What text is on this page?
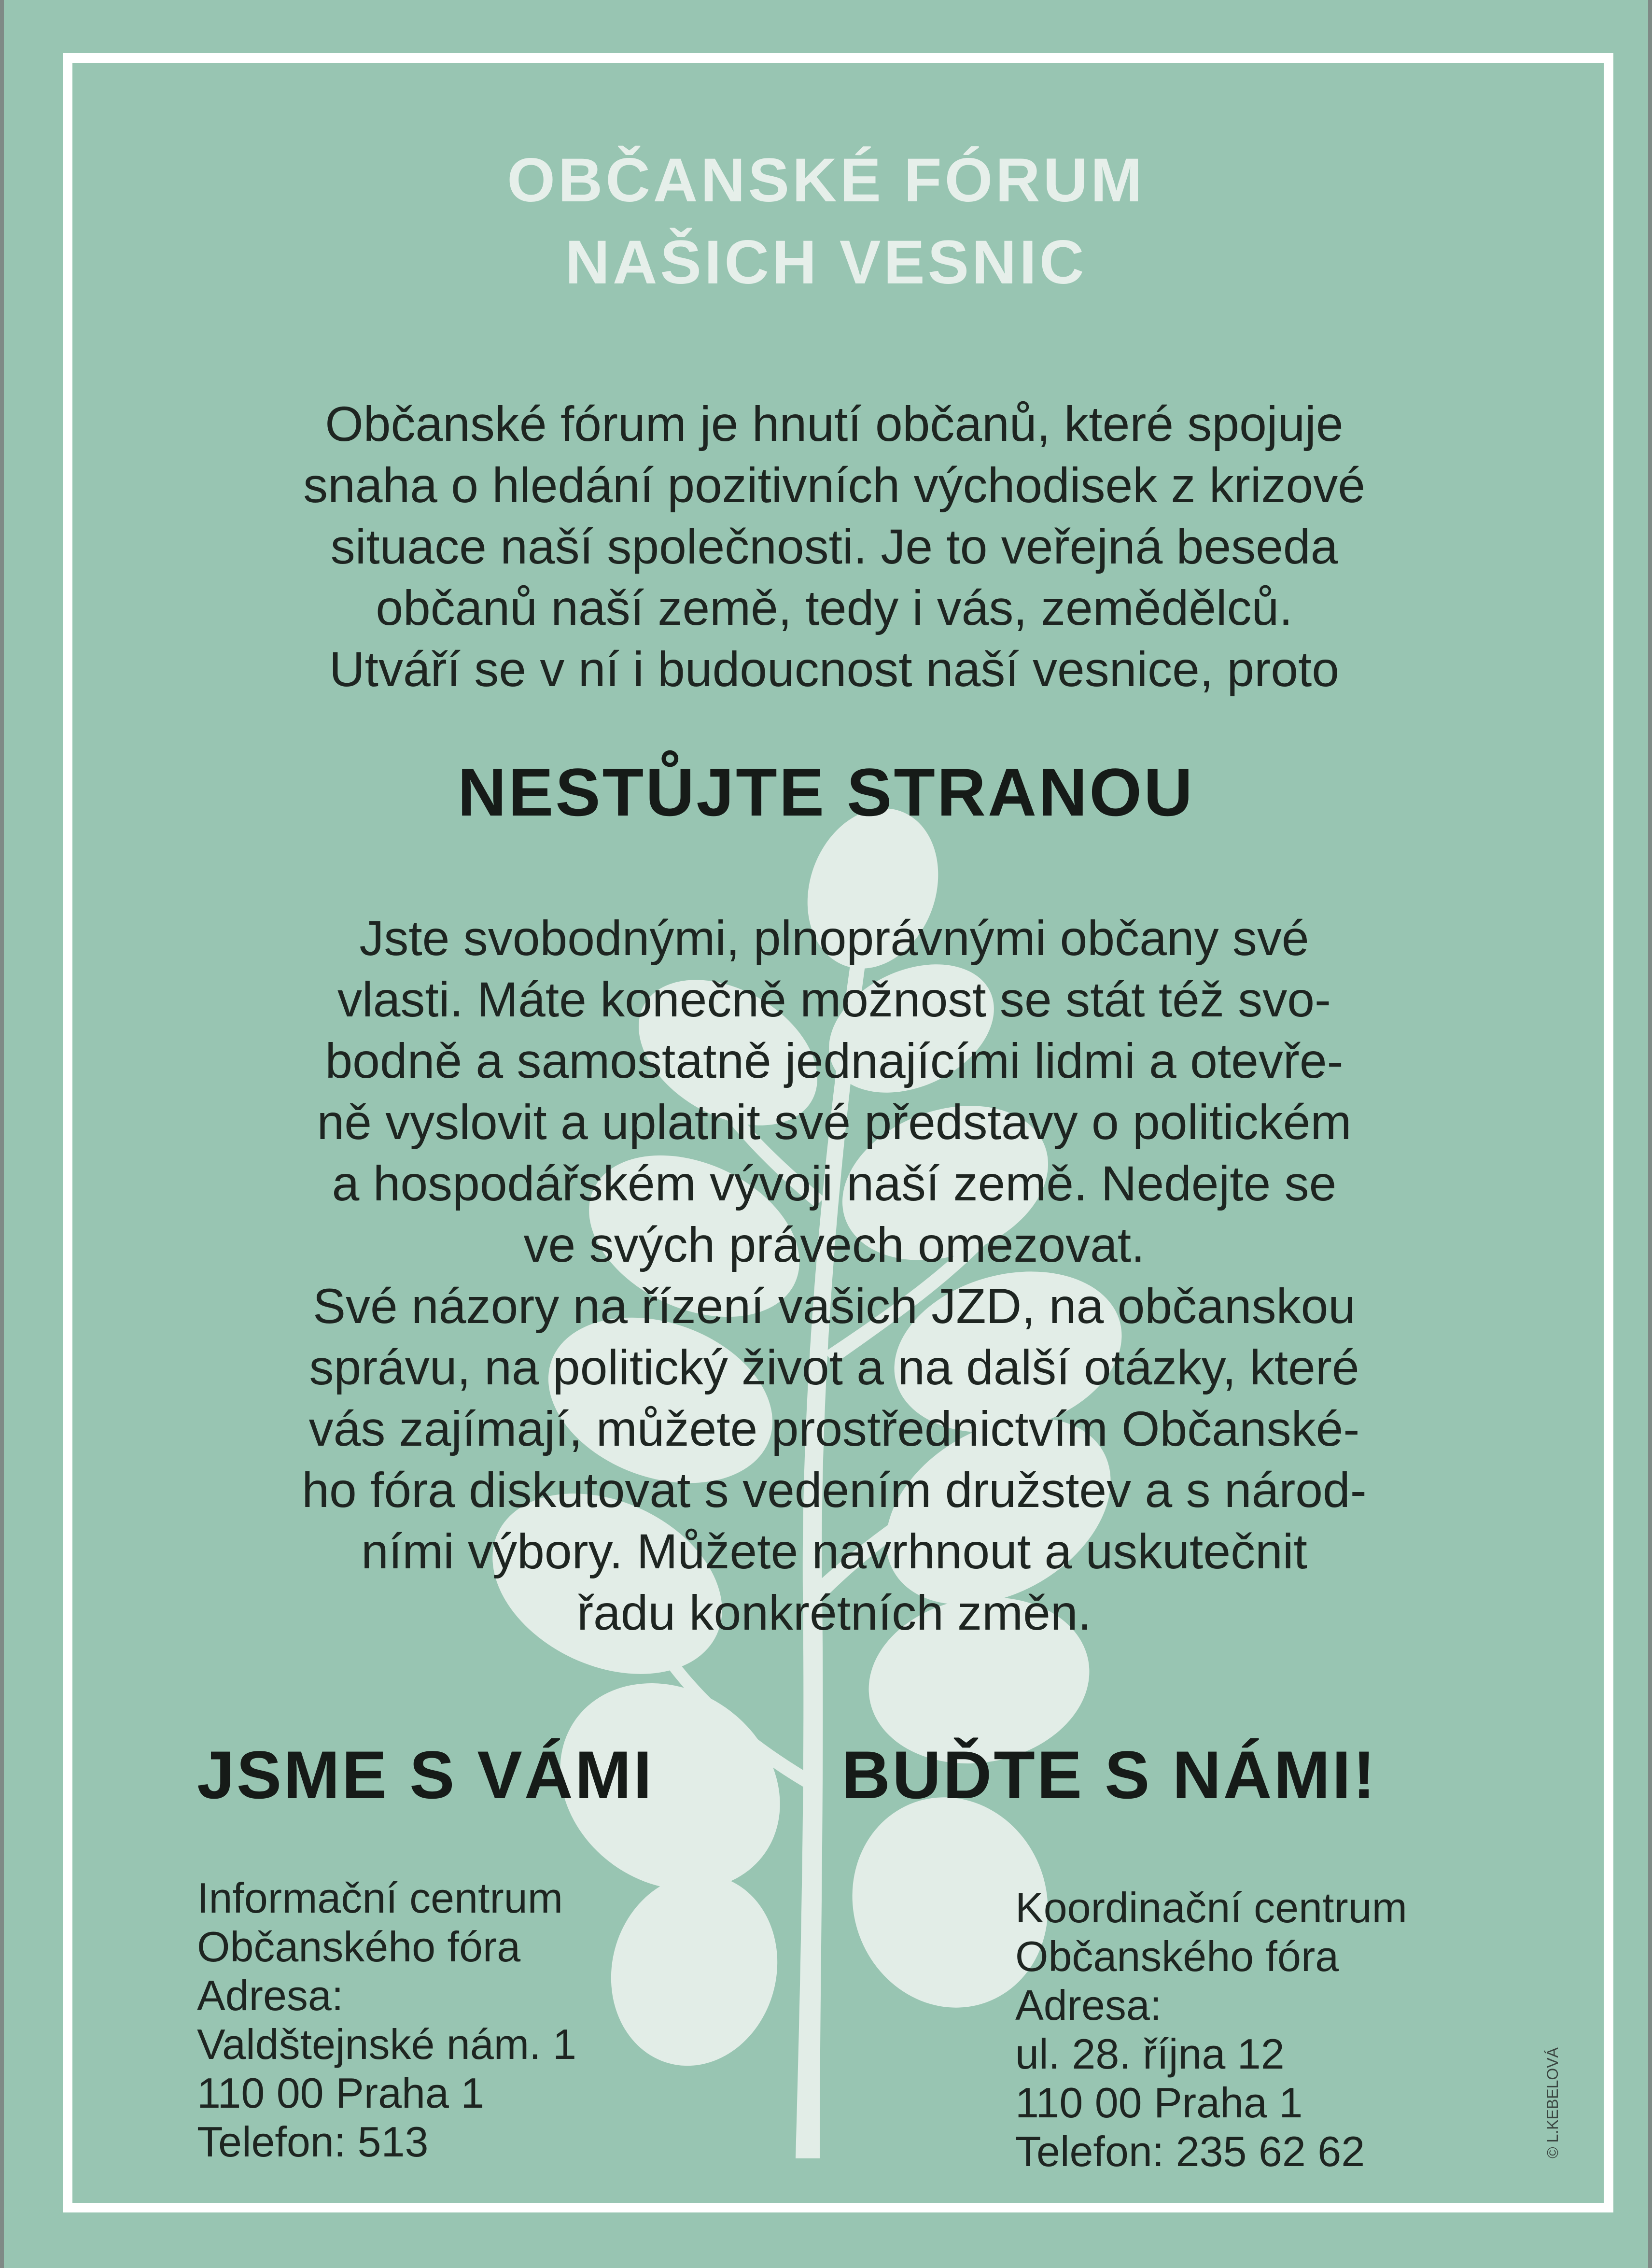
OBČANSKÉ FÓRUM
NAŠICH VESNIC
Občanské fórum je hnutí občanů, které spojuje
snaha o hledání pozitivních východisek z krizové
situace naší společnosti. Je to veřejná beseda
občanů naší země, tedy i vás, zemědělců.
Utváří se v ní i budoucnost naší vesnice, proto
NESTŮJTE STRANOU
Jste svobodnými, plnoprávnými občany své
vlasti. Máte konečně možnost se stát též svo-
bodně a samostatně jednajícími lidmi a otevře-
ně vyslovit a uplatnit své představy o politickém
a hospodářském vývoji naší země. Nedejte se
ve svých právech omezovat.
Své názory na řízení vašich JZD, na občanskou
správu, na politický život a na další otázky, které
vás zajímají, můžete prostřednictvím Občanské-
ho fóra diskutovat s vedením družstev a s národ-
ními výbory. Můžete navrhnout a uskutečnit
řadu konkrétních změn.
JSME S VÁMI	BUĎTE S NÁMI!
Informační centrum
Občanského fóra
Adresa:
Valdštejnské nám. 1
110 00 Praha 1
Telefon: 513
Koordinační centrum
Občanského fóra
Adresa:
ul. 28. října 12
110 00 Praha 1
Telefon: 235 62 62	© L.KEBELOVÁ
